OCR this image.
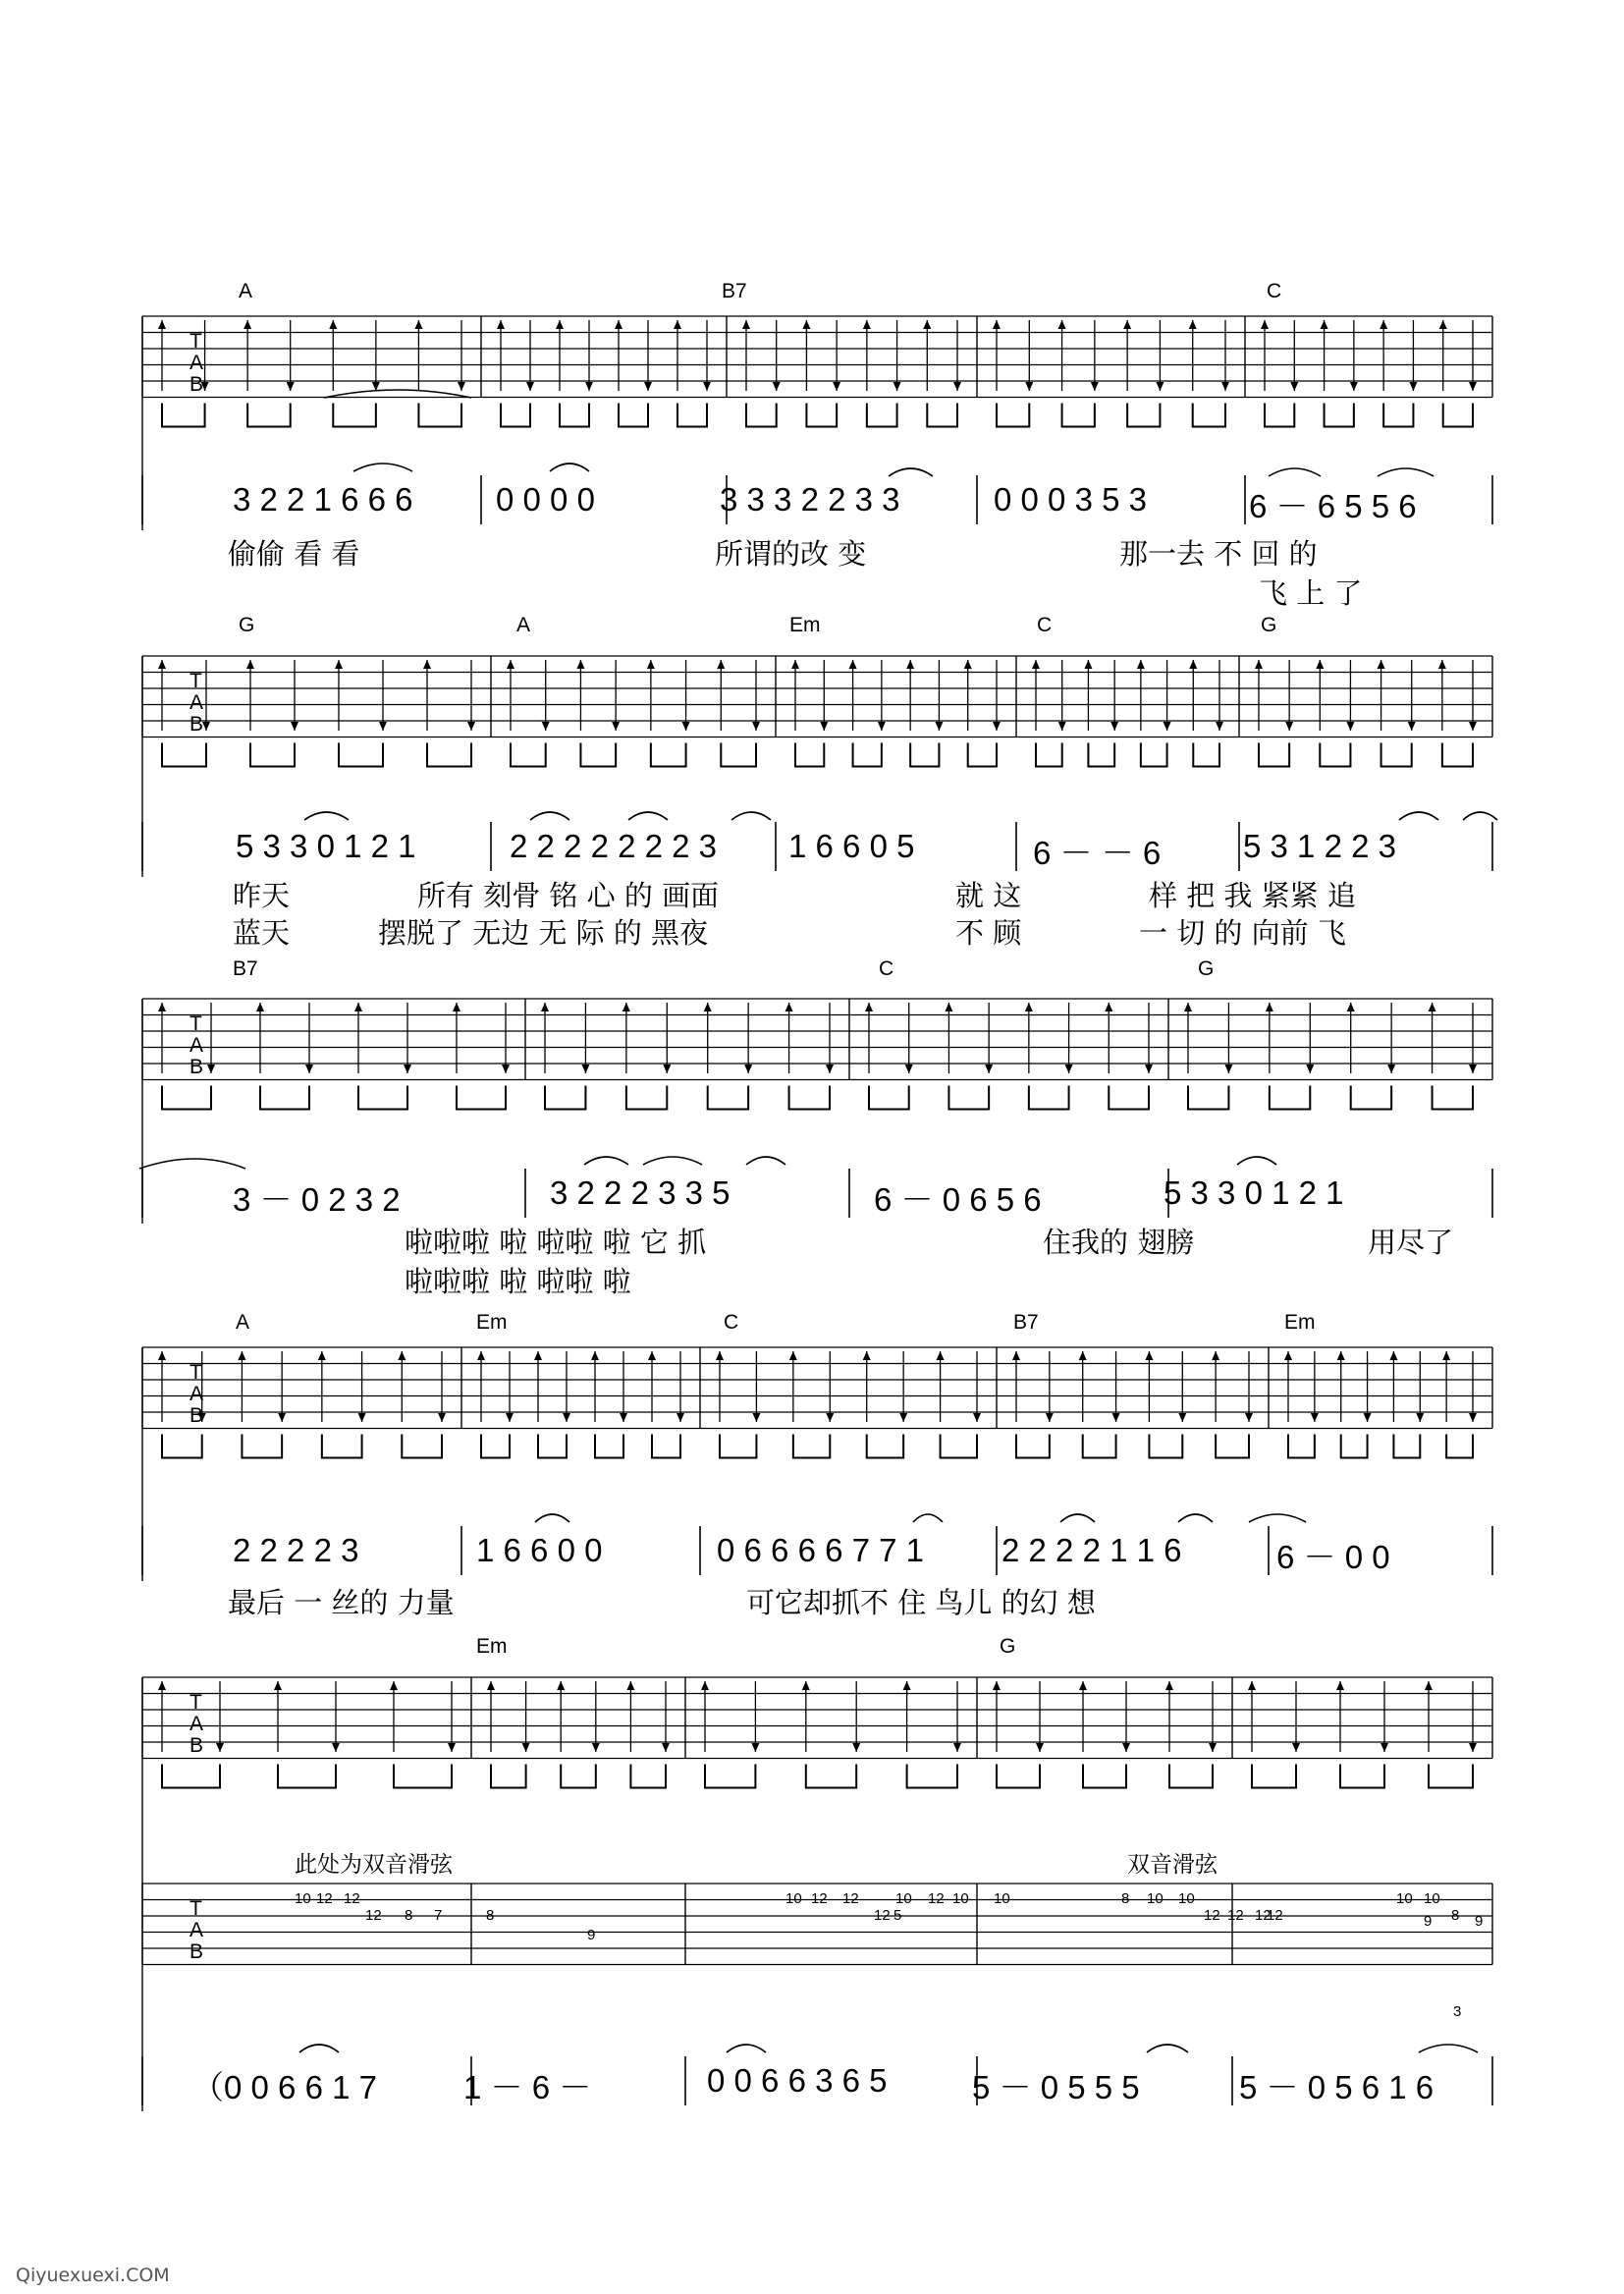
T
A
B
A	B7	C
3 2 2 1 6 6 6	0 0 0 0	3 3 3 2 2 3 3	0 0 0 3 5 3	6 － 6 5 5 6
偷偷 看 看	所谓的改 变	那一去 不 回 的
飞 上 了
T
A
B
G	A	Em	C	G
5 3 3 0 1 2 1	2 2 2 2 2 2 2 3 1 6 6 0 5	6 － － 6	5 3 1 2 2 3
昨天	所有 刻骨 铭 心 的 画面	就 这	样 把 我 紧紧 追
蓝天	摆脱了 无边 无 际 的 黑夜	不 顾	一 切 的 向前 飞
T
A
B
B7	C	G
3 － 0 2 3 2	3 2 2 2 3 3 5	6 － 0 6 5 6	5 3 3 0 1 2 1
啦啦啦 啦 啦啦 啦 它 抓	住我的 翅膀	用尽了
啦啦啦 啦 啦啦 啦
T
A
B
A	Em	C	B7	Em
2 2 2 2 3	1 6 6 0 0	0 6 6 6 6 7 7 1 2 2 2 2 1 1 6	6 － 0 0
最后 一 丝的 力量	可它却抓不 住 鸟儿 的幻 想
T
A
B
Em	G
（0 0 6 6 1 7	1 － 6 －	0 0 6 6 3 6 5	5 － 0 5 5 5	5 － 0 5 6 1 6
T
A
B
此处为双音滑弦	双音滑弦
10 12 12
12 8 7	8
9
10 12 12
12
10 12
5
10 10	8 10 10
12 12 12
10
12
10
9 8 9
3
Qiyuexuexi.COM
